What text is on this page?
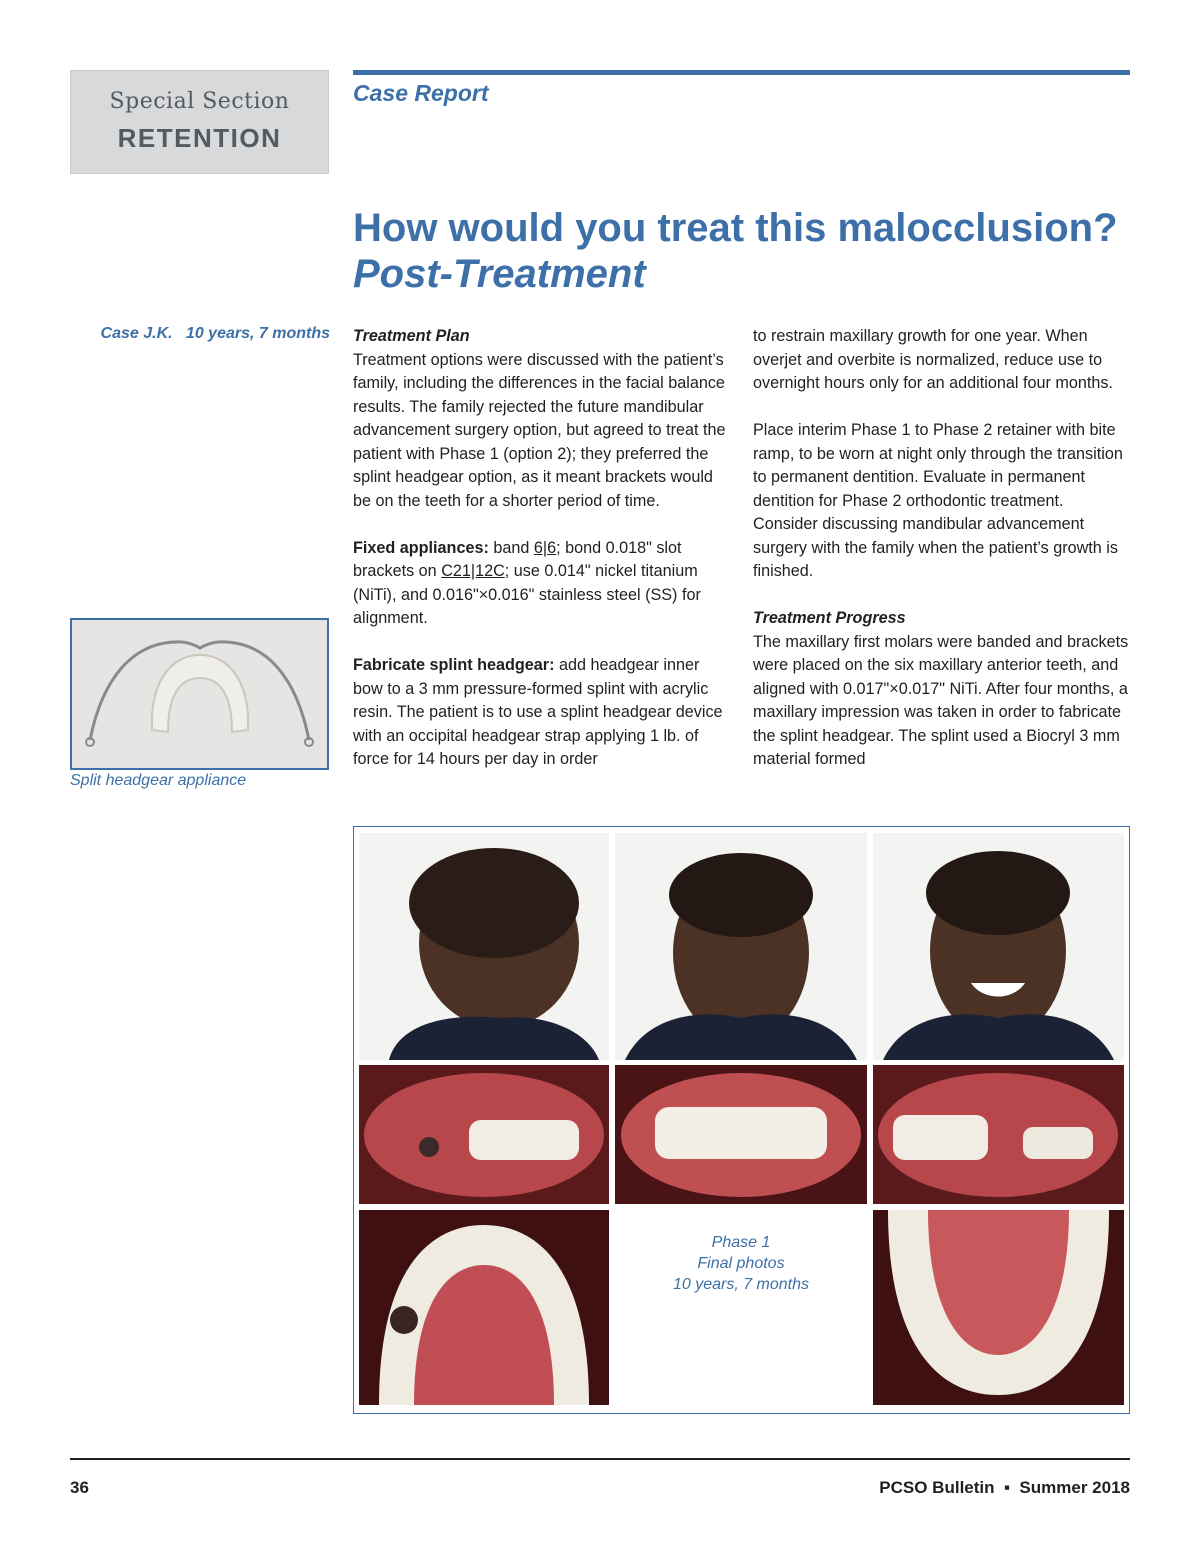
Special Section
RETENTION
Case Report
How would you treat this malocclusion?
Post-Treatment
Case J.K.   10 years, 7 months Treatment Plan
Treatment options were discussed with the patient’s family, including the differences in the facial balance results. The family rejected the future mandibular advancement surgery option, but agreed to treat the patient with Phase 1 (option 2); they preferred the splint headgear option, as it meant brackets would be on the teeth for a shorter period of time.

Fixed appliances: band 6|6; bond 0.018" slot brackets on C21|12C; use 0.014" nickel titanium (NiTi), and 0.016"×0.016" stainless steel (SS) for alignment.

Fabricate splint headgear: add headgear inner bow to a 3 mm pressure-formed splint with acrylic resin. The patient is to use a splint headgear device with an occipital headgear strap applying 1 lb. of force for 14 hours per day in order

to restrain maxillary growth for one year. When overjet and overbite is normalized, reduce use to overnight hours only for an additional four months.

Place interim Phase 1 to Phase 2 retainer with bite ramp, to be worn at night only through the transition to permanent dentition. Evaluate in permanent dentition for Phase 2 orthodontic treatment. Consider discussing mandibular advancement surgery with the family when the patient’s growth is finished.

Treatment Progress
The maxillary first molars were banded and brackets were placed on the six maxillary anterior teeth, and aligned with 0.017"×0.017" NiTi. After four months, a maxillary impression was taken in order to fabricate the splint headgear. The splint used a Biocryl 3 mm material formed

Split headgear appliance
Phase 1
Final photos
10 years, 7 months
36	PCSO Bulletin  ▪  Summer 2018
